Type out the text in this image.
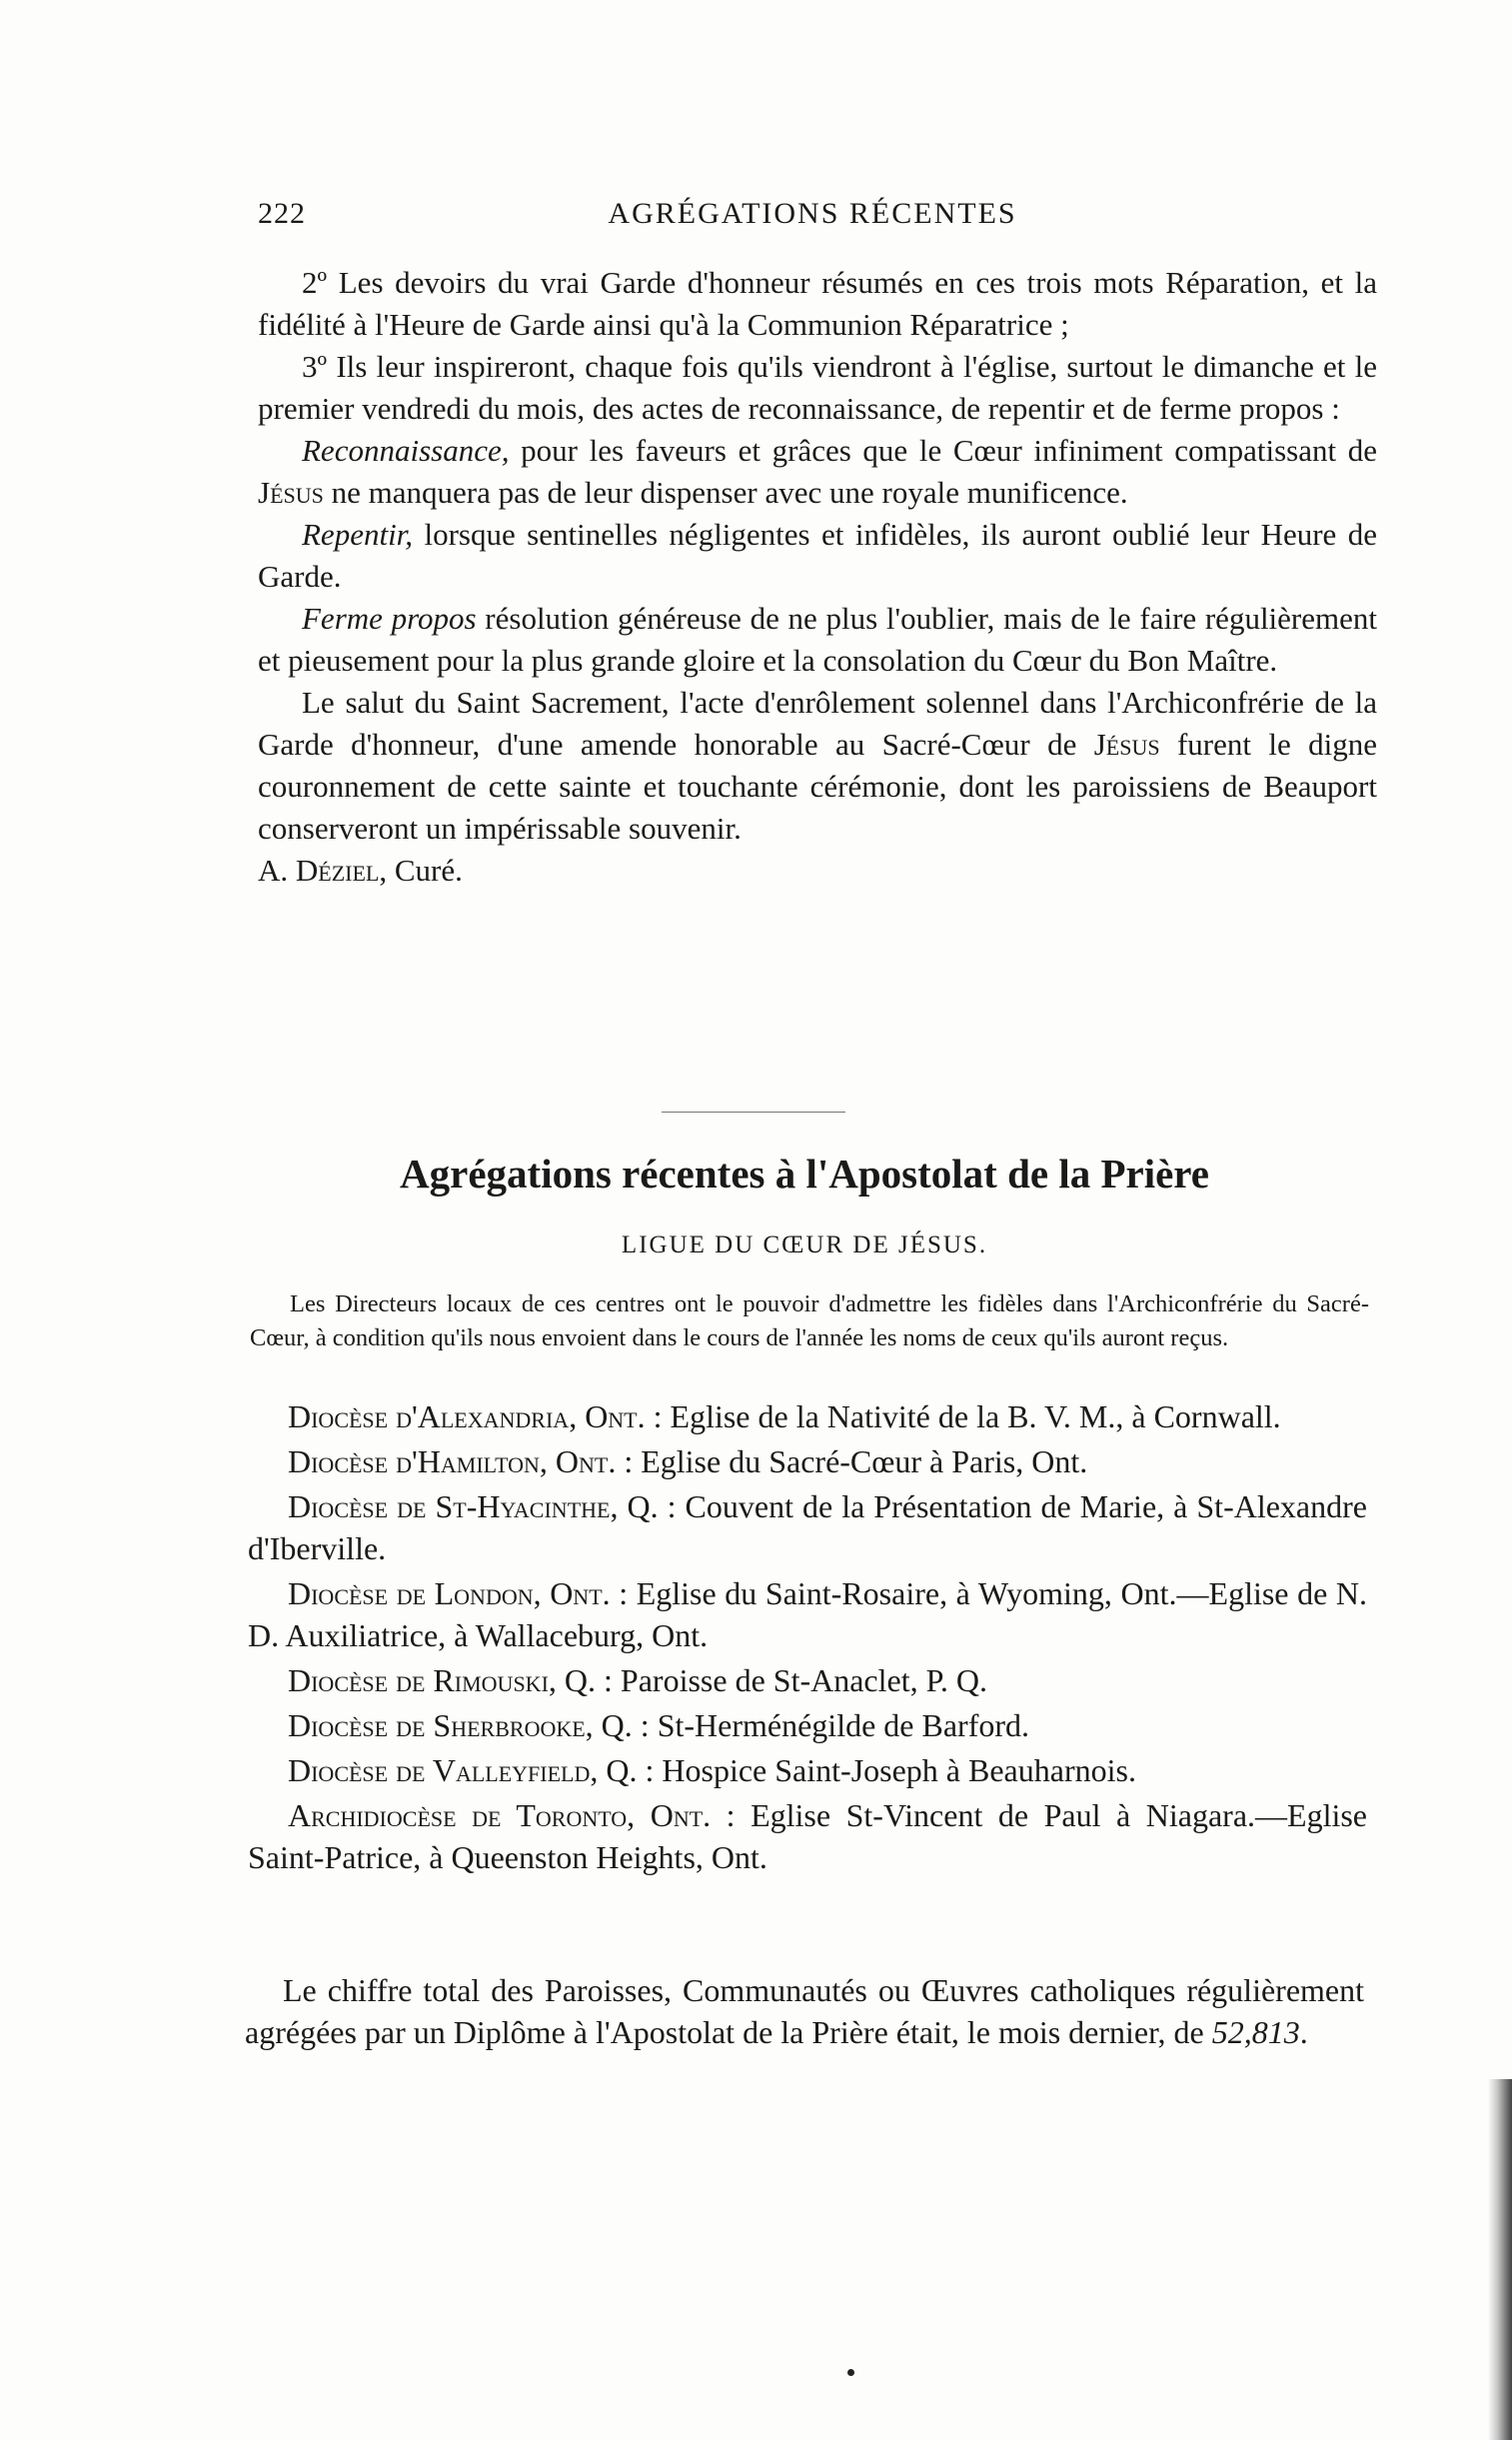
222	AGRÉGATIONS RÉCENTES

2º Les devoirs du vrai Garde d'honneur résumés en ces trois mots Réparation, et la fidélité à l'Heure de Garde ainsi qu'à la Communion Réparatrice ;

3º Ils leur inspireront, chaque fois qu'ils viendront à l'église, surtout le dimanche et le premier vendredi du mois, des actes de reconnaissance, de repentir et de ferme propos :

Reconnaissance, pour les faveurs et grâces que le Cœur infiniment compatissant de Jésus ne manquera pas de leur dispenser avec une royale munificence.

Repentir, lorsque sentinelles négligentes et infidèles, ils auront oublié leur Heure de Garde.

Ferme propos résolution généreuse de ne plus l'oublier, mais de le faire régulièrement et pieusement pour la plus grande gloire et la consolation du Cœur du Bon Maître.

Le salut du Saint Sacrement, l'acte d'enrôlement solennel dans l'Archiconfrérie de la Garde d'honneur, d'une amende honorable au Sacré-Cœur de Jésus furent le digne couronnement de cette sainte et touchante cérémonie, dont les paroissiens de Beauport conserveront un impérissable souvenir.

A. Déziel, Curé.

Agrégations récentes à l'Apostolat de la Prière
LIGUE DU CŒUR DE JÉSUS.

Les Directeurs locaux de ces centres ont le pouvoir d'admettre les fidèles dans l'Archiconfrérie du Sacré-Cœur, à condition qu'ils nous envoient dans le cours de l'année les noms de ceux qu'ils auront reçus.

Diocèse d'Alexandria, Ont. : Eglise de la Nativité de la B. V. M., à Cornwall.

Diocèse d'Hamilton, Ont. : Eglise du Sacré-Cœur à Paris, Ont.

Diocèse de St-Hyacinthe, Q. : Couvent de la Présentation de Marie, à St-Alexandre d'Iberville.

Diocèse de London, Ont. : Eglise du Saint-Rosaire, à Wyoming, Ont.—Eglise de N. D. Auxiliatrice, à Wallaceburg, Ont.

Diocèse de Rimouski, Q. : Paroisse de St-Anaclet, P. Q.

Diocèse de Sherbrooke, Q. : St-Herménégilde de Barford.

Diocèse de Valleyfield, Q. : Hospice Saint-Joseph à Beauharnois.

Archidiocèse de Toronto, Ont. : Eglise St-Vincent de Paul à Niagara.—Eglise Saint-Patrice, à Queenston Heights, Ont.

Le chiffre total des Paroisses, Communautés ou Œuvres catholiques régulièrement agrégées par un Diplôme à l'Apostolat de la Prière était, le mois dernier, de 52,813.
